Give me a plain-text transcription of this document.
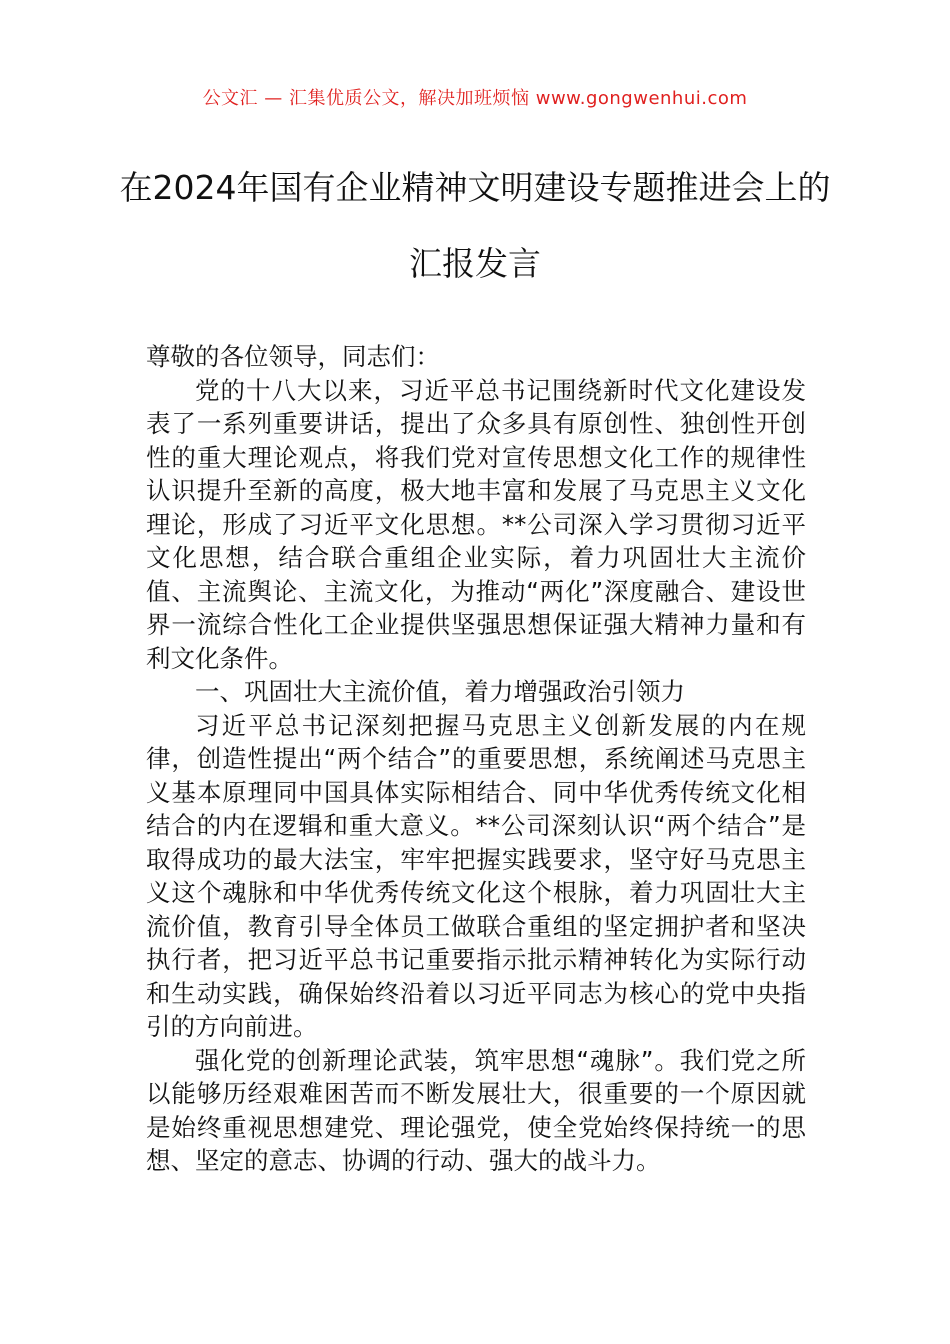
公文汇 — 汇集优质公文，解决加班烦恼 www.gongwenhui.com
在2024年国有企业精神文明建设专题推进会上的汇报发言

尊敬的各位领导，同志们：

党的十八大以来，习近平总书记围绕新时代文化建设发表了一系列重要讲话，提出了众多具有原创性、独创性开创性的重大理论观点，将我们党对宣传思想文化工作的规律性认识提升至新的高度，极大地丰富和发展了马克思主义文化理论，形成了习近平文化思想。**公司深入学习贯彻习近平文化思想，结合联合重组企业实际，着力巩固壮大主流价值、主流舆论、主流文化，为推动“两化”深度融合、建设世界一流综合性化工企业提供坚强思想保证强大精神力量和有利文化条件。

一、巩固壮大主流价值，着力增强政治引领力

习近平总书记深刻把握马克思主义创新发展的内在规律，创造性提出“两个结合”的重要思想，系统阐述马克思主义基本原理同中国具体实际相结合、同中华优秀传统文化相结合的内在逻辑和重大意义。**公司深刻认识“两个结合”是取得成功的最大法宝，牢牢把握实践要求，坚守好马克思主义这个魂脉和中华优秀传统文化这个根脉，着力巩固壮大主流价值，教育引导全体员工做联合重组的坚定拥护者和坚决执行者，把习近平总书记重要指示批示精神转化为实际行动和生动实践，确保始终沿着以习近平同志为核心的党中央指引的方向前进。

强化党的创新理论武装，筑牢思想“魂脉”。我们党之所以能够历经艰难困苦而不断发展壮大，很重要的一个原因就是始终重视思想建党、理论强党，使全党始终保持统一的思想、坚定的意志、协调的行动、强大的战斗力。
